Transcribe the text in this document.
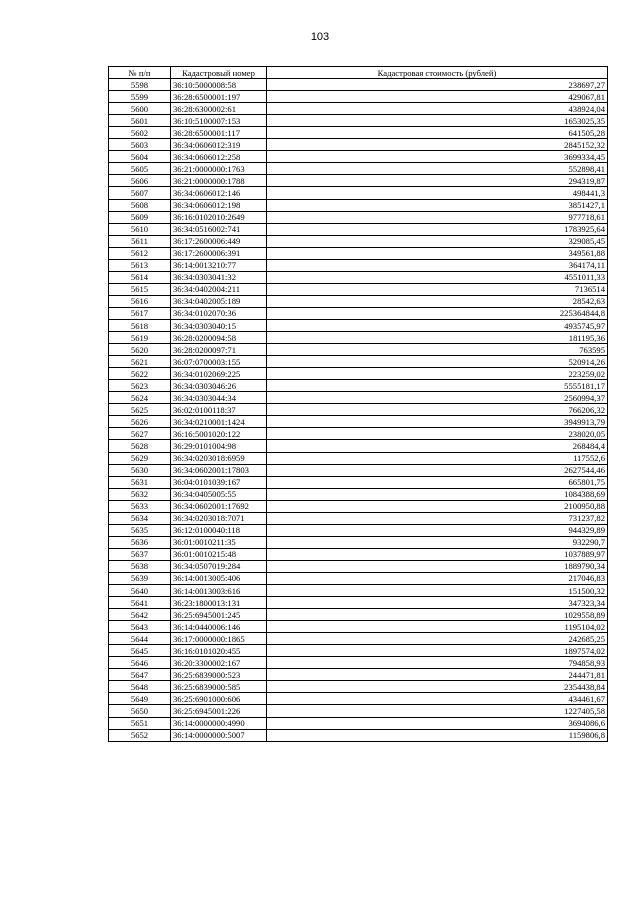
103
№ п/п	Кадастровый номер	Кадастровая стоимость (рублей)
5598	36:10:5000008:58	238697,27
5599	36:28:6500001:197	429067,81
5600	36:28:6300002:61	438924,04
5601	36:10:5100007:153	1653025,35
5602	36:28:6500001:117	641505,28
5603	36:34:0606012:319	2845152,32
5604	36:34:0606012:258	3699334,45
5605	36:21:0000000:1763	552898,41
5606	36:21:0000000:1788	294319,87
5607	36:34:0606012:146	498441,3
5608	36:34:0606012:198	3851427,1
5609	36:16:0102010:2649	977718,61
5610	36:34:0516002:741	1783925,64
5611	36:17:2600006:449	329085,45
5612	36:17:2600006:391	349561,88
5613	36:14:0013210:77	364174,11
5614	36:34:0303041:32	4551011,33
5615	36:34:0402004:211	7136514
5616	36:34:0402005:189	28542,63
5617	36:34:0102070:36	225364844,8
5618	36:34:0303040:15	4935745,97
5619	36:28:0200094:58	181195,36
5620	36:28:0200097:71	763595
5621	36:07:0700003:155	520914,26
5622	36:34:0102069:225	223259,02
5623	36:34:0303046:26	5555181,17
5624	36:34:0303044:34	2560994,37
5625	36:02:0100118:37	766206,32
5626	36:34:0210001:1424	3949913,79
5627	36:16:5001020:122	238020,05
5628	36:29:0101004:98	268484,4
5629	36:34:0203018:6959	117552,6
5630	36:34:0602001:17803	2627544,46
5631	36:04:0101039:167	665801,75
5632	36:34:0405005:55	1084388,69
5633	36:34:0602001:17692	2100950,88
5634	36:34:0203018:7071	731237,82
5635	36:12:0100040:118	944329,89
5636	36:01:0010211:35	932290,7
5637	36:01:0010215:48	1037889,97
5638	36:34:0507019:284	1889790,34
5639	36:14:0013005:406	217046,83
5640	36:14:0013003:616	151500,32
5641	36:23:1800013:131	347323,34
5642	36:25:6945001:245	1029558,89
5643	36:14:0440006:146	1195104,02
5644	36:17:0000000:1865	242685,25
5645	36:16:0101020:455	1897574,02
5646	36:20:3300002:167	794858,93
5647	36:25:6839000:523	244471,81
5648	36:25:6839000:585	2354438,84
5649	36:25:6901000:606	434461,67
5650	36:25:6945001:226	1227405,58
5651	36:14:0000000:4990	3694086,6
5652	36:14:0000000:5007	1159806,8
